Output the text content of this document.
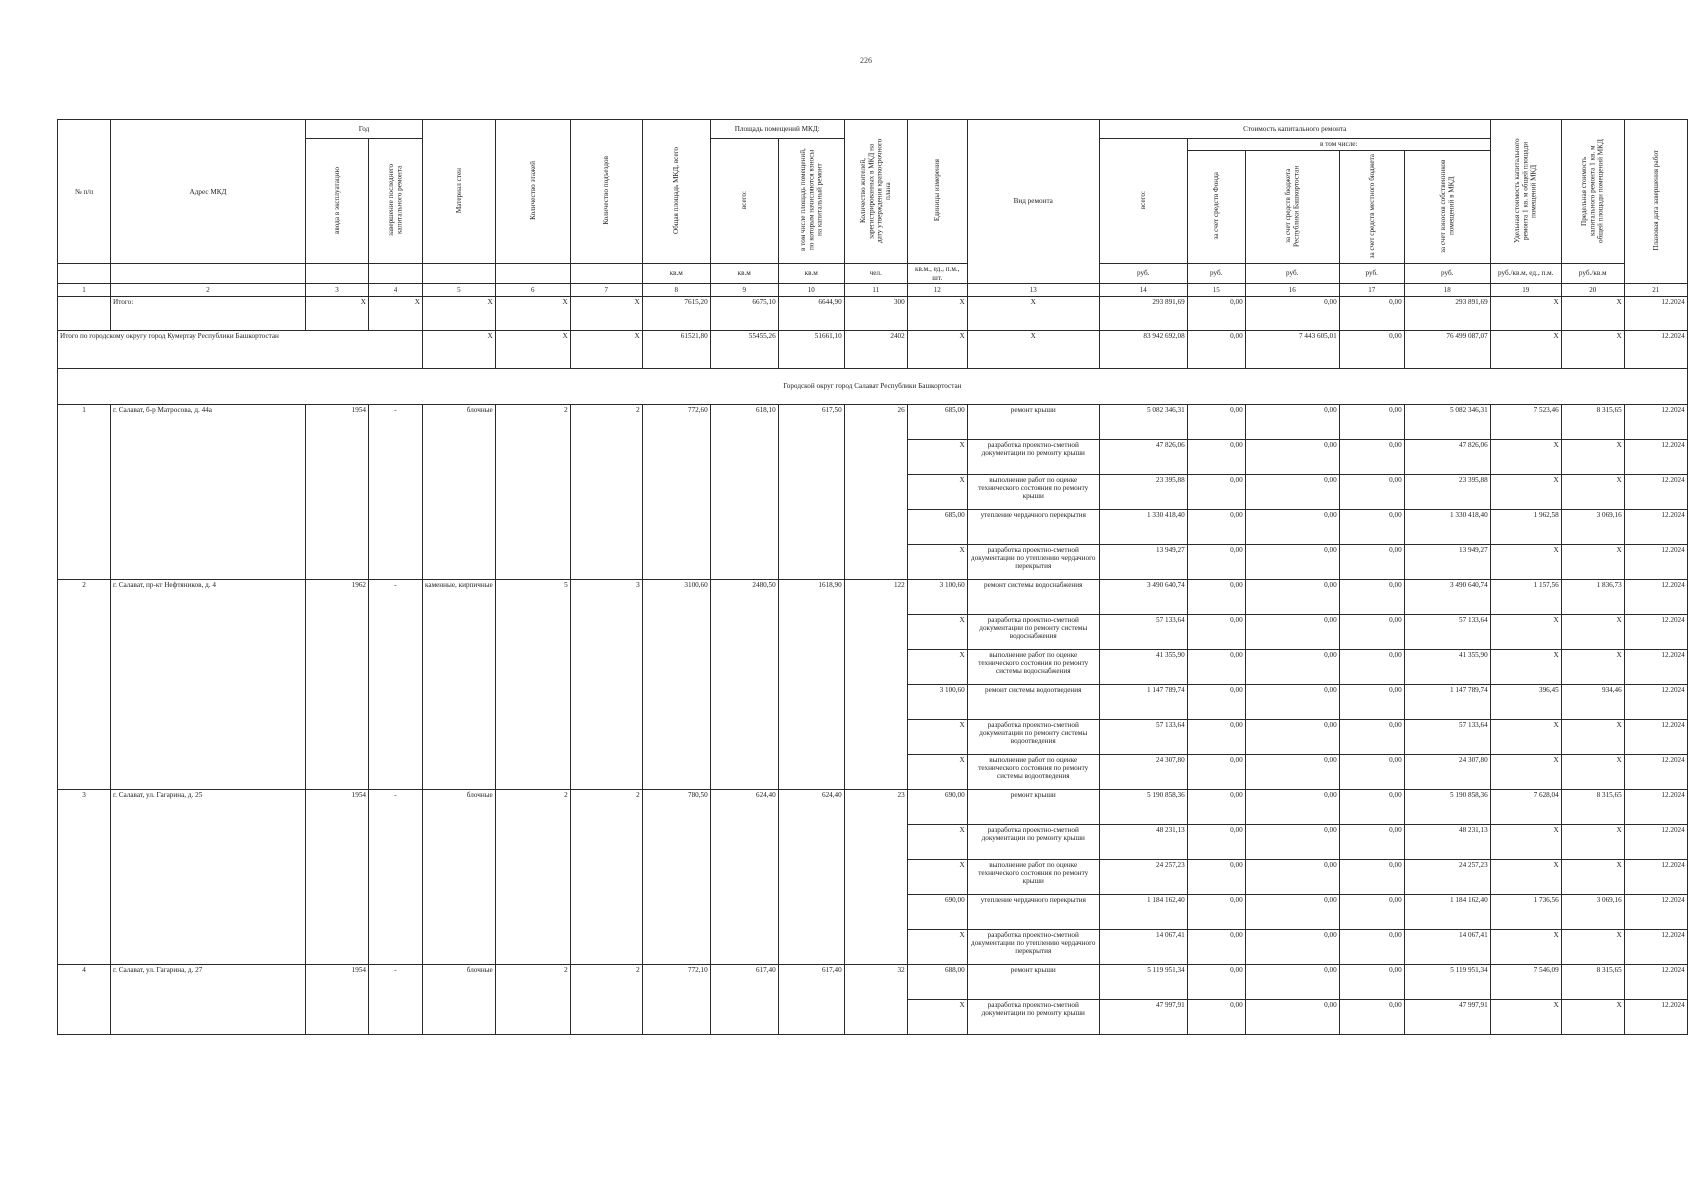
226
№ п/п	Адрес МКД	Год		Материал стен	Количество этажей	Количество подъездов	Общая площадь МКД, всего	Площадь помещений МКД:		Количество жителей, зарегистрированных в МКД на дату утверждения краткосрочного плана	Единицы измерения	Вид ремонта	Стоимость капитального ремонта					Удельная стоимость капитального ремонта 1 кв. м общей площади помещений МКД	Предельная стоимость капитального ремонта 1 кв. м общей площади помещений МКД	Плановая дата завершения работ
		ввода в эксплуатацию	завершение последнего капитального ремонта					всего:	в том числе площадь помещений, по которым начисляются взносы на капитальный ремонт				всего:	в том числе:						
														за счет средств Фонда	за счет средств бюджета Республики Башкортостан	за счет средств местного бюджета	за счет взносов собственников помещений в МКД			
							кв.м	кв.м	кв.м	чел.	кв.м., ед., п.м., шт.		руб.	руб.	руб.	руб.	руб.	руб./кв.м, ед., п.м.	руб./кв.м	
1	2	3	4	5	6	7	8	9	10	11	12	13	14	15	16	17	18	19	20	21
	Итого:	X	X	X	X	X	7615,20	6675,10	6644,90	300	X	X	293 891,69	0,00	0,00	0,00	293 891,69	X	X	12.2024
Итого по городскому округу город Кумертау Республики Башкортостан				X	X	X	61521,80	55455,26	51661,10	2402	X	X	83 942 692,08	0,00	7 443 605,01	0,00	76 499 087,07	X	X	12.2024
Городской округ город Салават Республики Башкортостан																				
1	г. Салават, б-р Матросова, д. 44а	1954	-	блочные	2	2	772,60	618,10	617,50	26	685,00	ремонт крыши	5 082 346,31	0,00	0,00	0,00	5 082 346,31	7 523,46	8 315,65	12.2024
											X	разработка проектно-сметной документации по ремонту крыши	47 826,06	0,00	0,00	0,00	47 826,06	X	X	12.2024
											X	выполнение работ по оценке технического состояния по ремонту крыши	23 395,88	0,00	0,00	0,00	23 395,88	X	X	12.2024
											685,00	утепление чердачного перекрытия	1 330 418,40	0,00	0,00	0,00	1 330 418,40	1 962,58	3 069,16	12.2024
											X	разработка проектно-сметной документации по утеплению чердачного перекрытия	13 949,27	0,00	0,00	0,00	13 949,27	X	X	12.2024
2	г. Салават, пр-кт Нефтяников, д. 4	1962	-	каменные, кирпичные	5	3	3100,60	2480,50	1618,90	122	3 100,60	ремонт системы водоснабжения	3 490 640,74	0,00	0,00	0,00	3 490 640,74	1 157,56	1 836,73	12.2024
											X	разработка проектно-сметной документации по ремонту системы водоснабжения	57 133,64	0,00	0,00	0,00	57 133,64	X	X	12.2024
											X	выполнение работ по оценке технического состояния по ремонту системы водоснабжения	41 355,90	0,00	0,00	0,00	41 355,90	X	X	12.2024
											3 100,60	ремонт системы водоотведения	1 147 789,74	0,00	0,00	0,00	1 147 789,74	396,45	934,46	12.2024
											X	разработка проектно-сметной документации по ремонту системы водоотведения	57 133,64	0,00	0,00	0,00	57 133,64	X	X	12.2024
											X	выполнение работ по оценке технического состояния по ремонту системы водоотведения	24 307,80	0,00	0,00	0,00	24 307,80	X	X	12.2024
3	г. Салават, ул. Гагарина, д. 25	1954	-	блочные	2	2	780,50	624,40	624,40	23	690,00	ремонт крыши	5 190 858,36	0,00	0,00	0,00	5 190 858,36	7 628,04	8 315,65	12.2024
											X	разработка проектно-сметной документации по ремонту крыши	48 231,13	0,00	0,00	0,00	48 231,13	X	X	12.2024
											X	выполнение работ по оценке технического состояния по ремонту крыши	24 257,23	0,00	0,00	0,00	24 257,23	X	X	12.2024
											690,00	утепление чердачного перекрытия	1 184 162,40	0,00	0,00	0,00	1 184 162,40	1 736,56	3 069,16	12.2024
											X	разработка проектно-сметной документации по утеплению чердачного перекрытия	14 067,41	0,00	0,00	0,00	14 067,41	X	X	12.2024
4	г. Салават, ул. Гагарина, д. 27	1954	-	блочные	2	2	772,10	617,40	617,40	32	688,00	ремонт крыши	5 119 951,34	0,00	0,00	0,00	5 119 951,34	7 546,09	8 315,65	12.2024
											X	разработка проектно-сметной документации по ремонту крыши	47 997,91	0,00	0,00	0,00	47 997,91	X	X	12.2024
